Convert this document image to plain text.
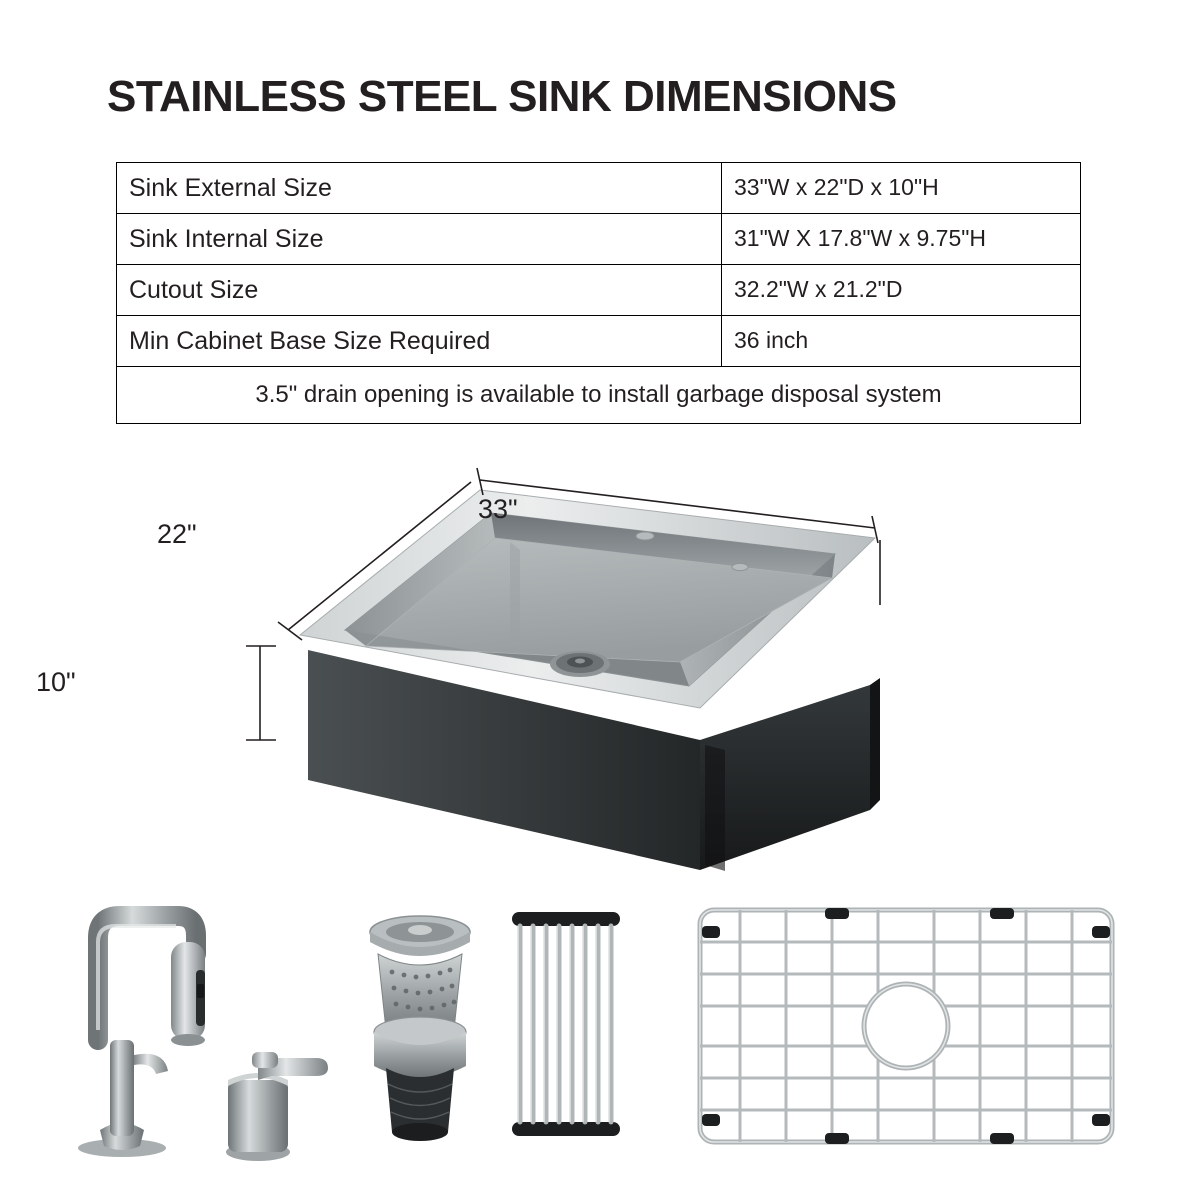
STAINLESS STEEL SINK DIMENSIONS
Sink External Size	33"W x 22"D x 10"H
Sink Internal Size	31"W X 17.8"W x 9.75"H
Cutout Size	32.2"W x 21.2"D
Min Cabinet Base Size Required	36 inch
3.5" drain opening is available to install garbage disposal system	
33"
22"
10"
